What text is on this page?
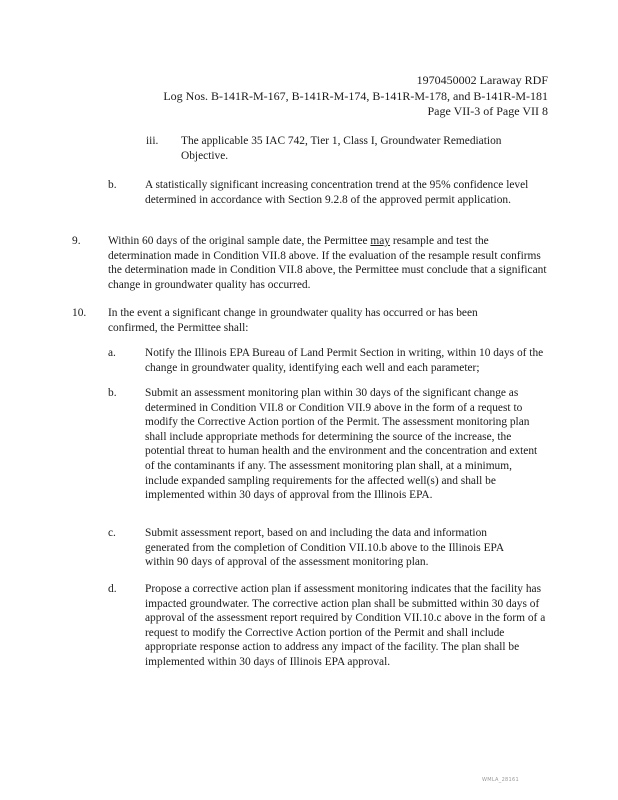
1970450002 Laraway RDF
Log Nos. B-141R-M-167, B-141R-M-174, B-141R-M-178, and B-141R-M-181
Page VII-3 of Page VII 8
iii. The applicable 35 IAC 742, Tier 1, Class I, Groundwater Remediation Objective.
b. A statistically significant increasing concentration trend at the 95% confidence level determined in accordance with Section 9.2.8 of the approved permit application.
9. Within 60 days of the original sample date, the Permittee may resample and test the determination made in Condition VII.8 above. If the evaluation of the resample result confirms the determination made in Condition VII.8 above, the Permittee must conclude that a significant change in groundwater quality has occurred.
10. In the event a significant change in groundwater quality has occurred or has been confirmed, the Permittee shall:
a.	Notify the Illinois EPA Bureau of Land Permit Section in writing, within 10 days of the change in groundwater quality, identifying each well and each parameter;
b. Submit an assessment monitoring plan within 30 days of the significant change as determined in Condition VII.8 or Condition VII.9 above in the form of a request to modify the Corrective Action portion of the Permit. The assessment monitoring plan shall include appropriate methods for determining the source of the increase, the potential threat to human health and the environment and the concentration and extent of the contaminants if any. The assessment monitoring plan shall, at a minimum, include expanded sampling requirements for the affected well(s) and shall be implemented within 30 days of approval from the Illinois EPA.
c.	Submit assessment report, based on and including the data and information generated from the completion of Condition VII.10.b above to the Illinois EPA within 90 days of approval of the assessment monitoring plan.
d. Propose a corrective action plan if assessment monitoring indicates that the facility has impacted groundwater. The corrective action plan shall be submitted within 30 days of approval of the assessment report required by Condition VII.10.c above in the form of a request to modify the Corrective Action portion of the Permit and shall include appropriate response action to address any impact of the facility. The plan shall be implemented within 30 days of Illinois EPA approval.
WMLA_28161
